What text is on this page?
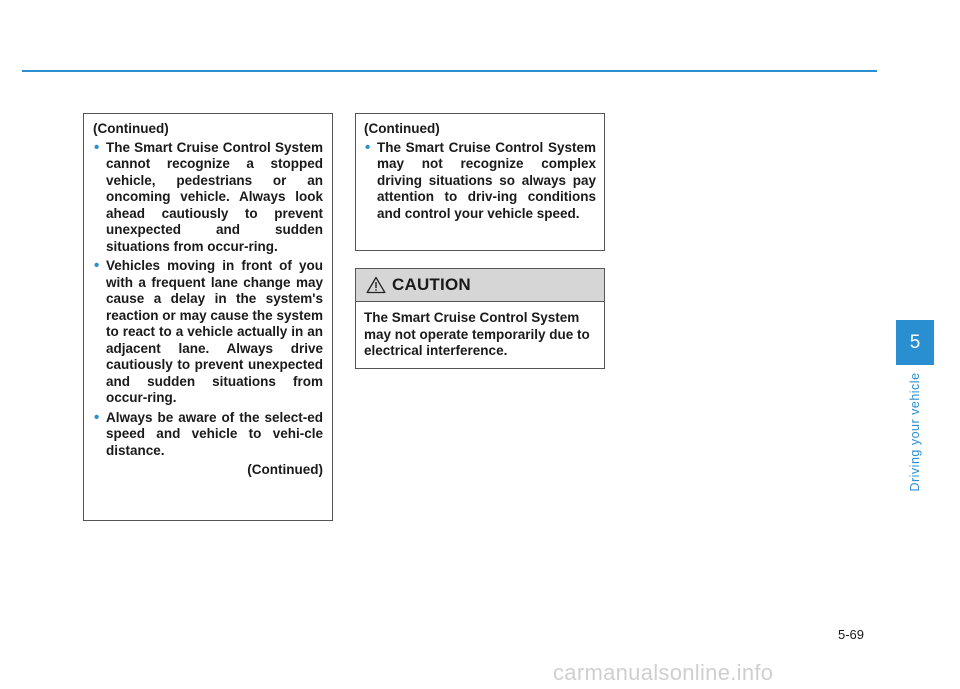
(Continued)
• The Smart Cruise Control System cannot recognize a stopped vehicle, pedestrians or an oncoming vehicle. Always look ahead cautiously to prevent unexpected and sudden situations from occur-ring.
• Vehicles moving in front of you with a frequent lane change may cause a delay in the system's reaction or may cause the system to react to a vehicle actually in an adjacent lane. Always drive cautiously to prevent unexpected and sudden situations from occur-ring.
• Always be aware of the select-ed speed and vehicle to vehi-cle distance.
(Continued)
(Continued)
• The Smart Cruise Control System may not recognize complex driving situations so always pay attention to driv-ing conditions and control your vehicle speed.
CAUTION
The Smart Cruise Control System may not operate temporarily due to electrical interference.	5
Driving your vehicle
5-69
carmanualsonline.info
